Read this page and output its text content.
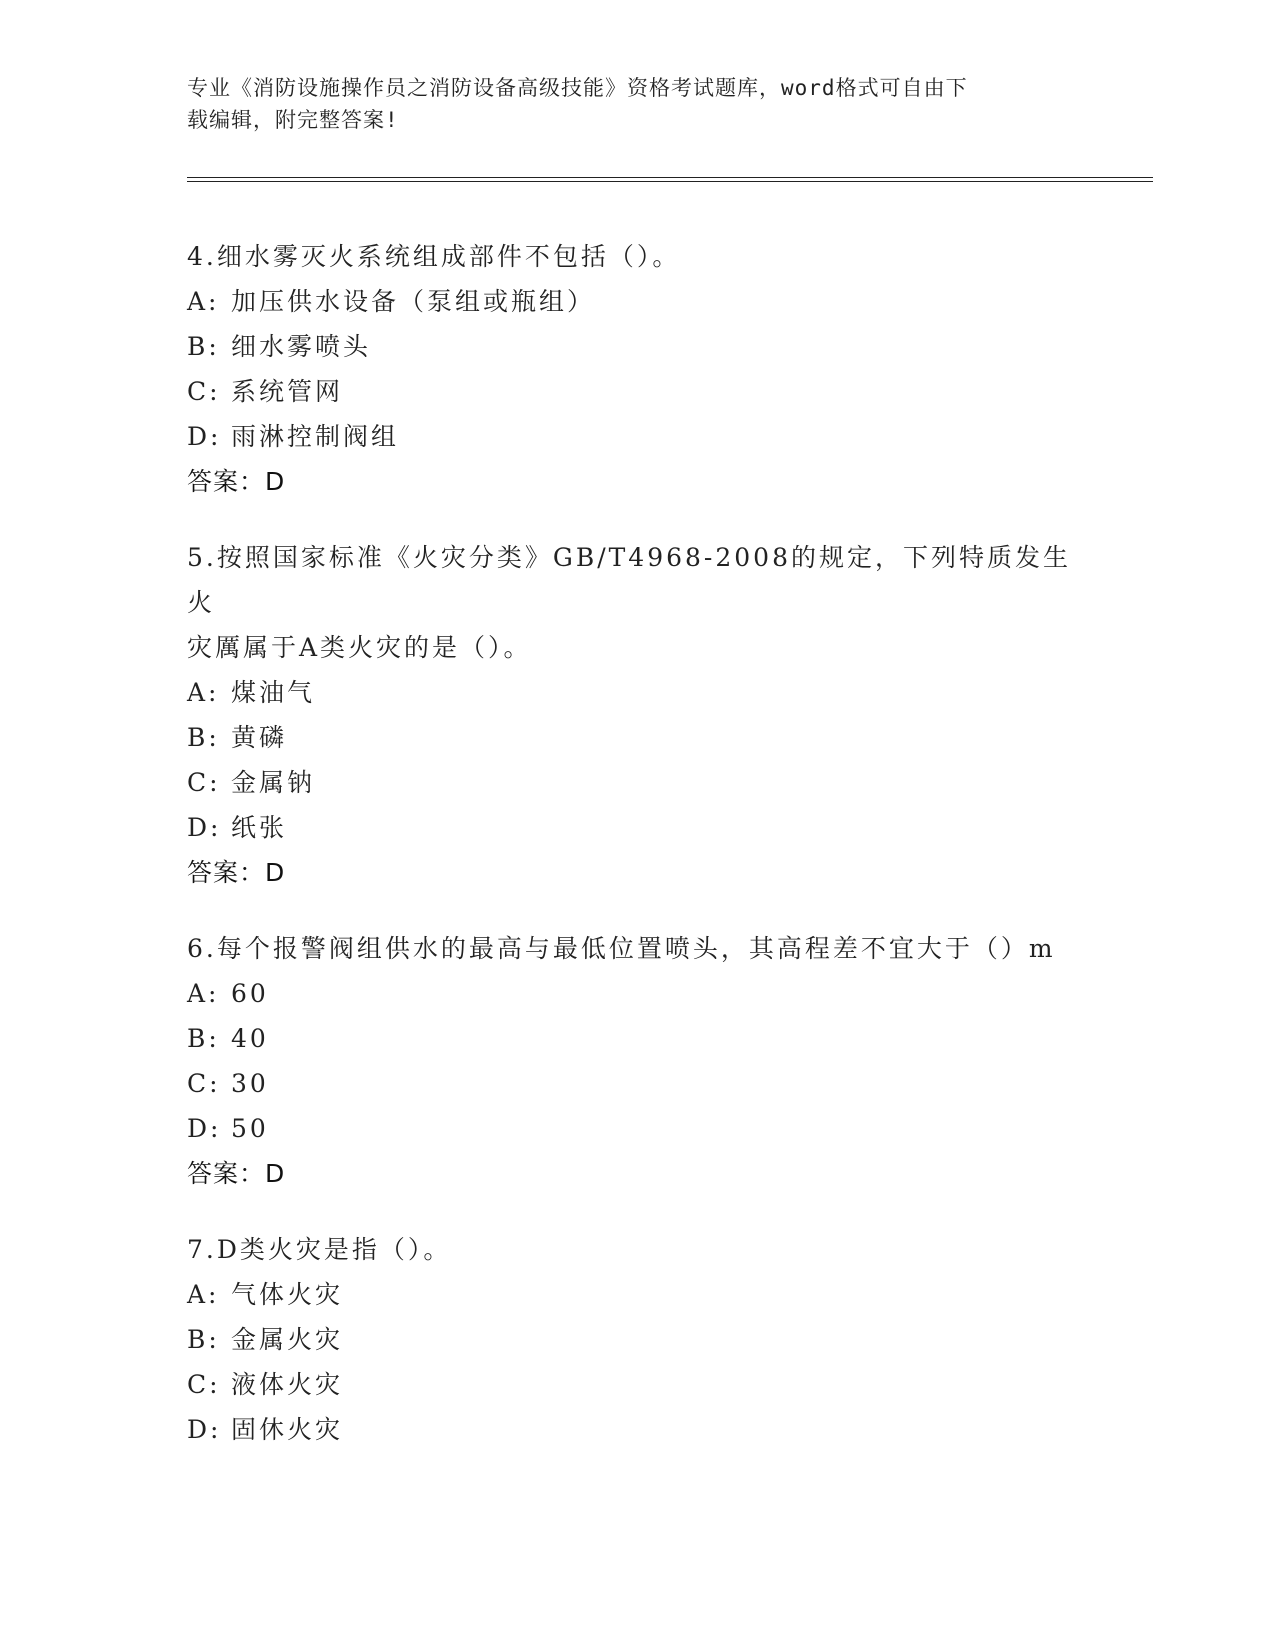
专业《消防设施操作员之消防设备高级技能》资格考试题库，word格式可自由下
载编辑，附完整答案!
4.细水雾灭火系统组成部件不包括（）。
A: 加压供水设备（泵组或瓶组）
B: 细水雾喷头
C: 系统管网
D: 雨淋控制阀组
答案：D
5.按照国家标准《火灾分类》GB/T4968-2008的规定，下列特质发生火
灾厲属于A类火灾的是（）。
A: 煤油气
B: 黄磷
C: 金属钠
D: 纸张
答案：D
6.每个报警阀组供水的最高与最低位置喷头，其高程差不宜大于（）m
A: 60
B: 40
C: 30
D: 50
答案：D
7.D类火灾是指（）。
A: 气体火灾
B: 金属火灾
C: 液体火灾
D: 固休火灾
